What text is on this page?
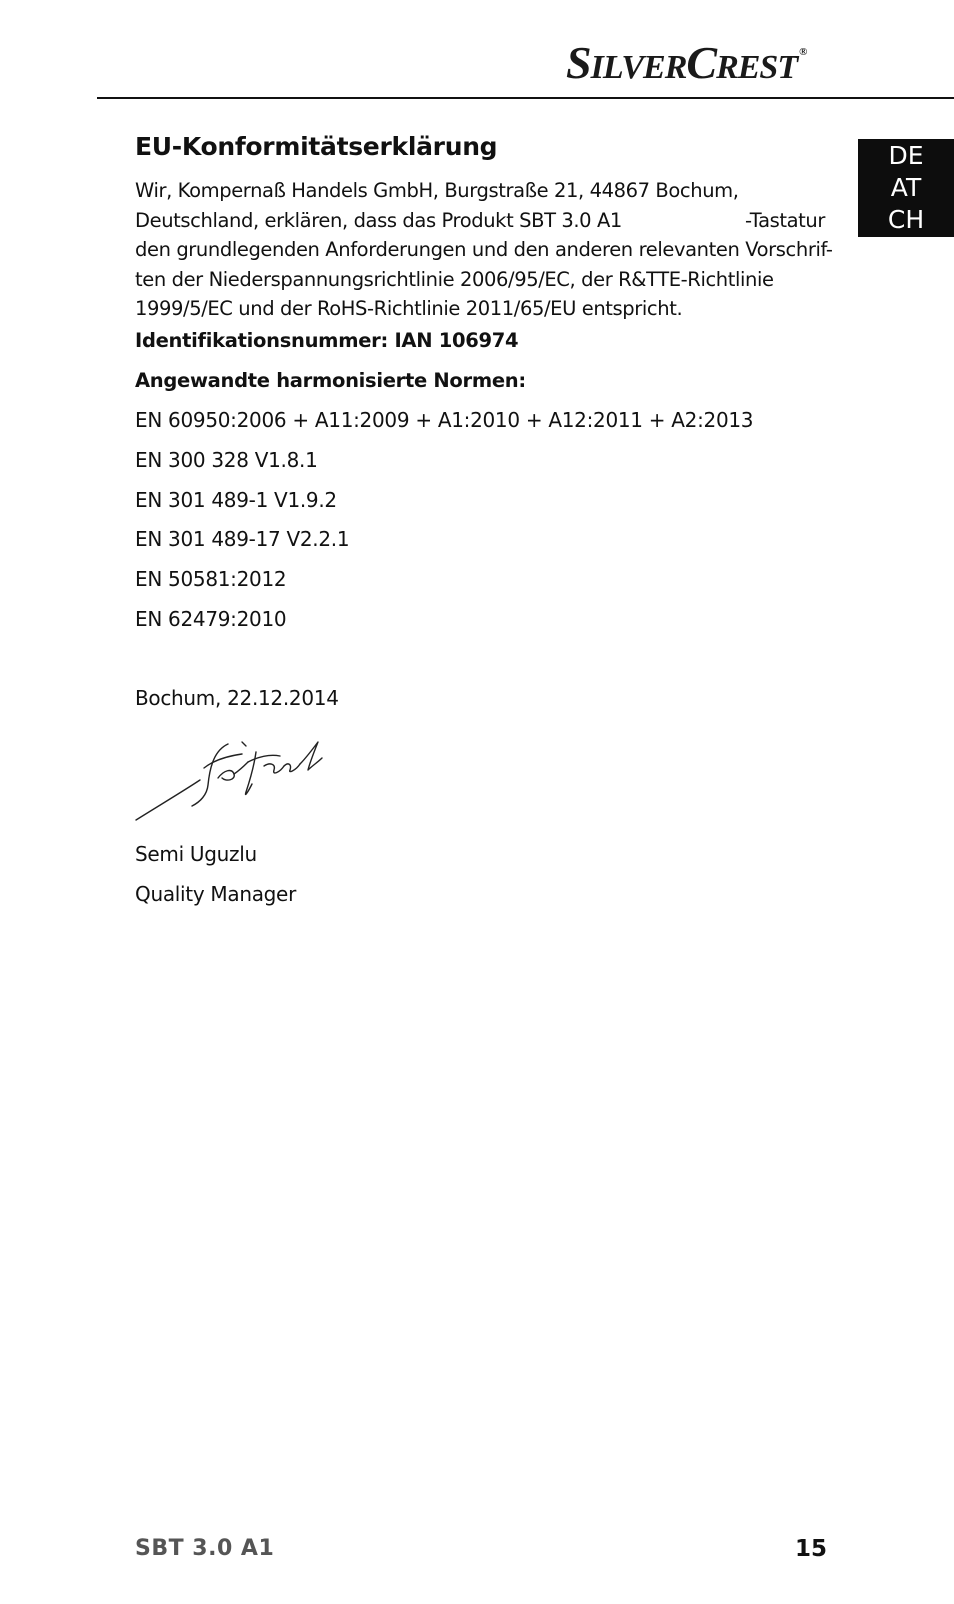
SILVERCREST ®
DE
AT
CH
EU-Konformitätserklärung
Wir, Kompernaß Handels GmbH, Burgstraße 21, 44867 Bochum,
Deutschland, erklären, dass das Produkt SBT 3.0 A1	-Tastatur
den grundlegenden Anforderungen und den anderen relevanten Vorschrif-
ten der Niederspannungsrichtlinie 2006/95/EC, der R&TTE-Richtlinie
1999/5/EC und der RoHS-Richtlinie 2011/65/EU entspricht.

Identifikationsnummer: IAN 106974

Angewandte harmonisierte Normen:

EN 60950:2006 + A11:2009 + A1:2010 + A12:2011 + A2:2013

EN 300 328 V1.8.1

EN 301 489-1 V1.9.2

EN 301 489-17 V2.2.1

EN 50581:2012

EN 62479:2010

Bochum, 22.12.2014

Semi Uguzlu

Quality Manager

SBT 3.0 A1	15
